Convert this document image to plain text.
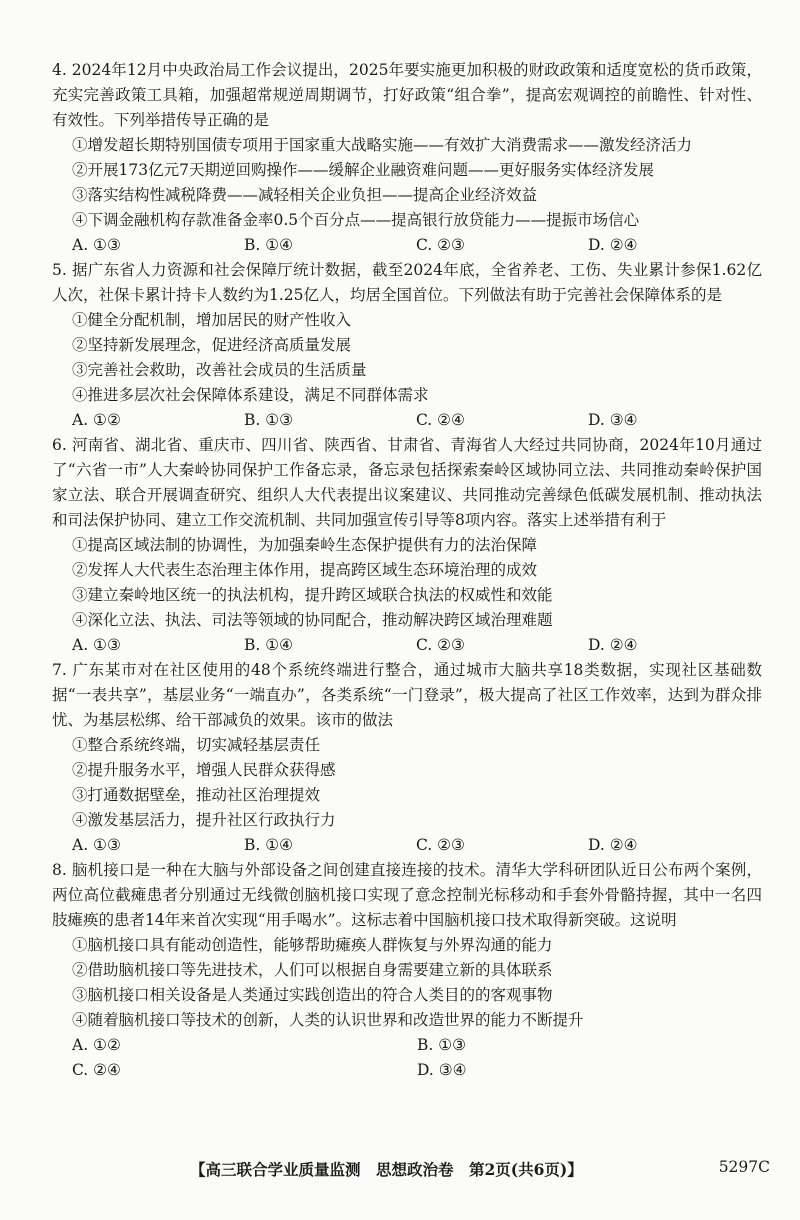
4. 2024年12月中央政治局工作会议提出，2025年要实施更加积极的财政政策和适度宽松的货币政策，充实完善政策工具箱，加强超常规逆周期调节，打好政策“组合拳”，提高宏观调控的前瞻性、针对性、有效性。下列举措传导正确的是

①增发超长期特别国债专项用于国家重大战略实施——有效扩大消费需求——激发经济活力

②开展173亿元7天期逆回购操作——缓解企业融资难问题——更好服务实体经济发展

③落实结构性减税降费——减轻相关企业负担——提高企业经济效益

④下调金融机构存款准备金率0.5个百分点——提高银行放贷能力——提振市场信心

A. ①③	B. ①④	C. ②③	D. ②④

5. 据广东省人力资源和社会保障厅统计数据，截至2024年底，全省养老、工伤、失业累计参保1.62亿人次，社保卡累计持卡人数约为1.25亿人，均居全国首位。下列做法有助于完善社会保障体系的是

①健全分配机制，增加居民的财产性收入

②坚持新发展理念，促进经济高质量发展

③完善社会救助，改善社会成员的生活质量

④推进多层次社会保障体系建设，满足不同群体需求

A. ①②	B. ①③	C. ②④	D. ③④

6. 河南省、湖北省、重庆市、四川省、陕西省、甘肃省、青海省人大经过共同协商，2024年10月通过了“六省一市”人大秦岭协同保护工作备忘录，备忘录包括探索秦岭区域协同立法、共同推动秦岭保护国家立法、联合开展调查研究、组织人大代表提出议案建议、共同推动完善绿色低碳发展机制、推动执法和司法保护协同、建立工作交流机制、共同加强宣传引导等8项内容。落实上述举措有利于

①提高区域法制的协调性，为加强秦岭生态保护提供有力的法治保障

②发挥人大代表生态治理主体作用，提高跨区域生态环境治理的成效

③建立秦岭地区统一的执法机构，提升跨区域联合执法的权威性和效能

④深化立法、执法、司法等领域的协同配合，推动解决跨区域治理难题

A. ①③	B. ①④	C. ②③	D. ②④

7. 广东某市对在社区使用的48个系统终端进行整合，通过城市大脑共享18类数据，实现社区基础数据“一表共享”，基层业务“一端直办”，各类系统“一门登录”，极大提高了社区工作效率，达到为群众排忧、为基层松绑、给干部减负的效果。该市的做法

①整合系统终端，切实减轻基层责任

②提升服务水平，增强人民群众获得感

③打通数据壁垒，推动社区治理提效

④激发基层活力，提升社区行政执行力

A. ①③	B. ①④	C. ②③	D. ②④

8. 脑机接口是一种在大脑与外部设备之间创建直接连接的技术。清华大学科研团队近日公布两个案例，两位高位截瘫患者分别通过无线微创脑机接口实现了意念控制光标移动和手套外骨骼持握，其中一名四肢瘫痪的患者14年来首次实现“用手喝水”。这标志着中国脑机接口技术取得新突破。这说明

①脑机接口具有能动创造性，能够帮助瘫痪人群恢复与外界沟通的能力

②借助脑机接口等先进技术，人们可以根据自身需要建立新的具体联系

③脑机接口相关设备是人类通过实践创造出的符合人类目的的客观事物

④随着脑机接口等技术的创新，人类的认识世界和改造世界的能力不断提升

A. ①②	B. ①③
C. ②④	D. ③④
【高三联合学业质量监测　思想政治卷　第2页(共6页)】	5297C
